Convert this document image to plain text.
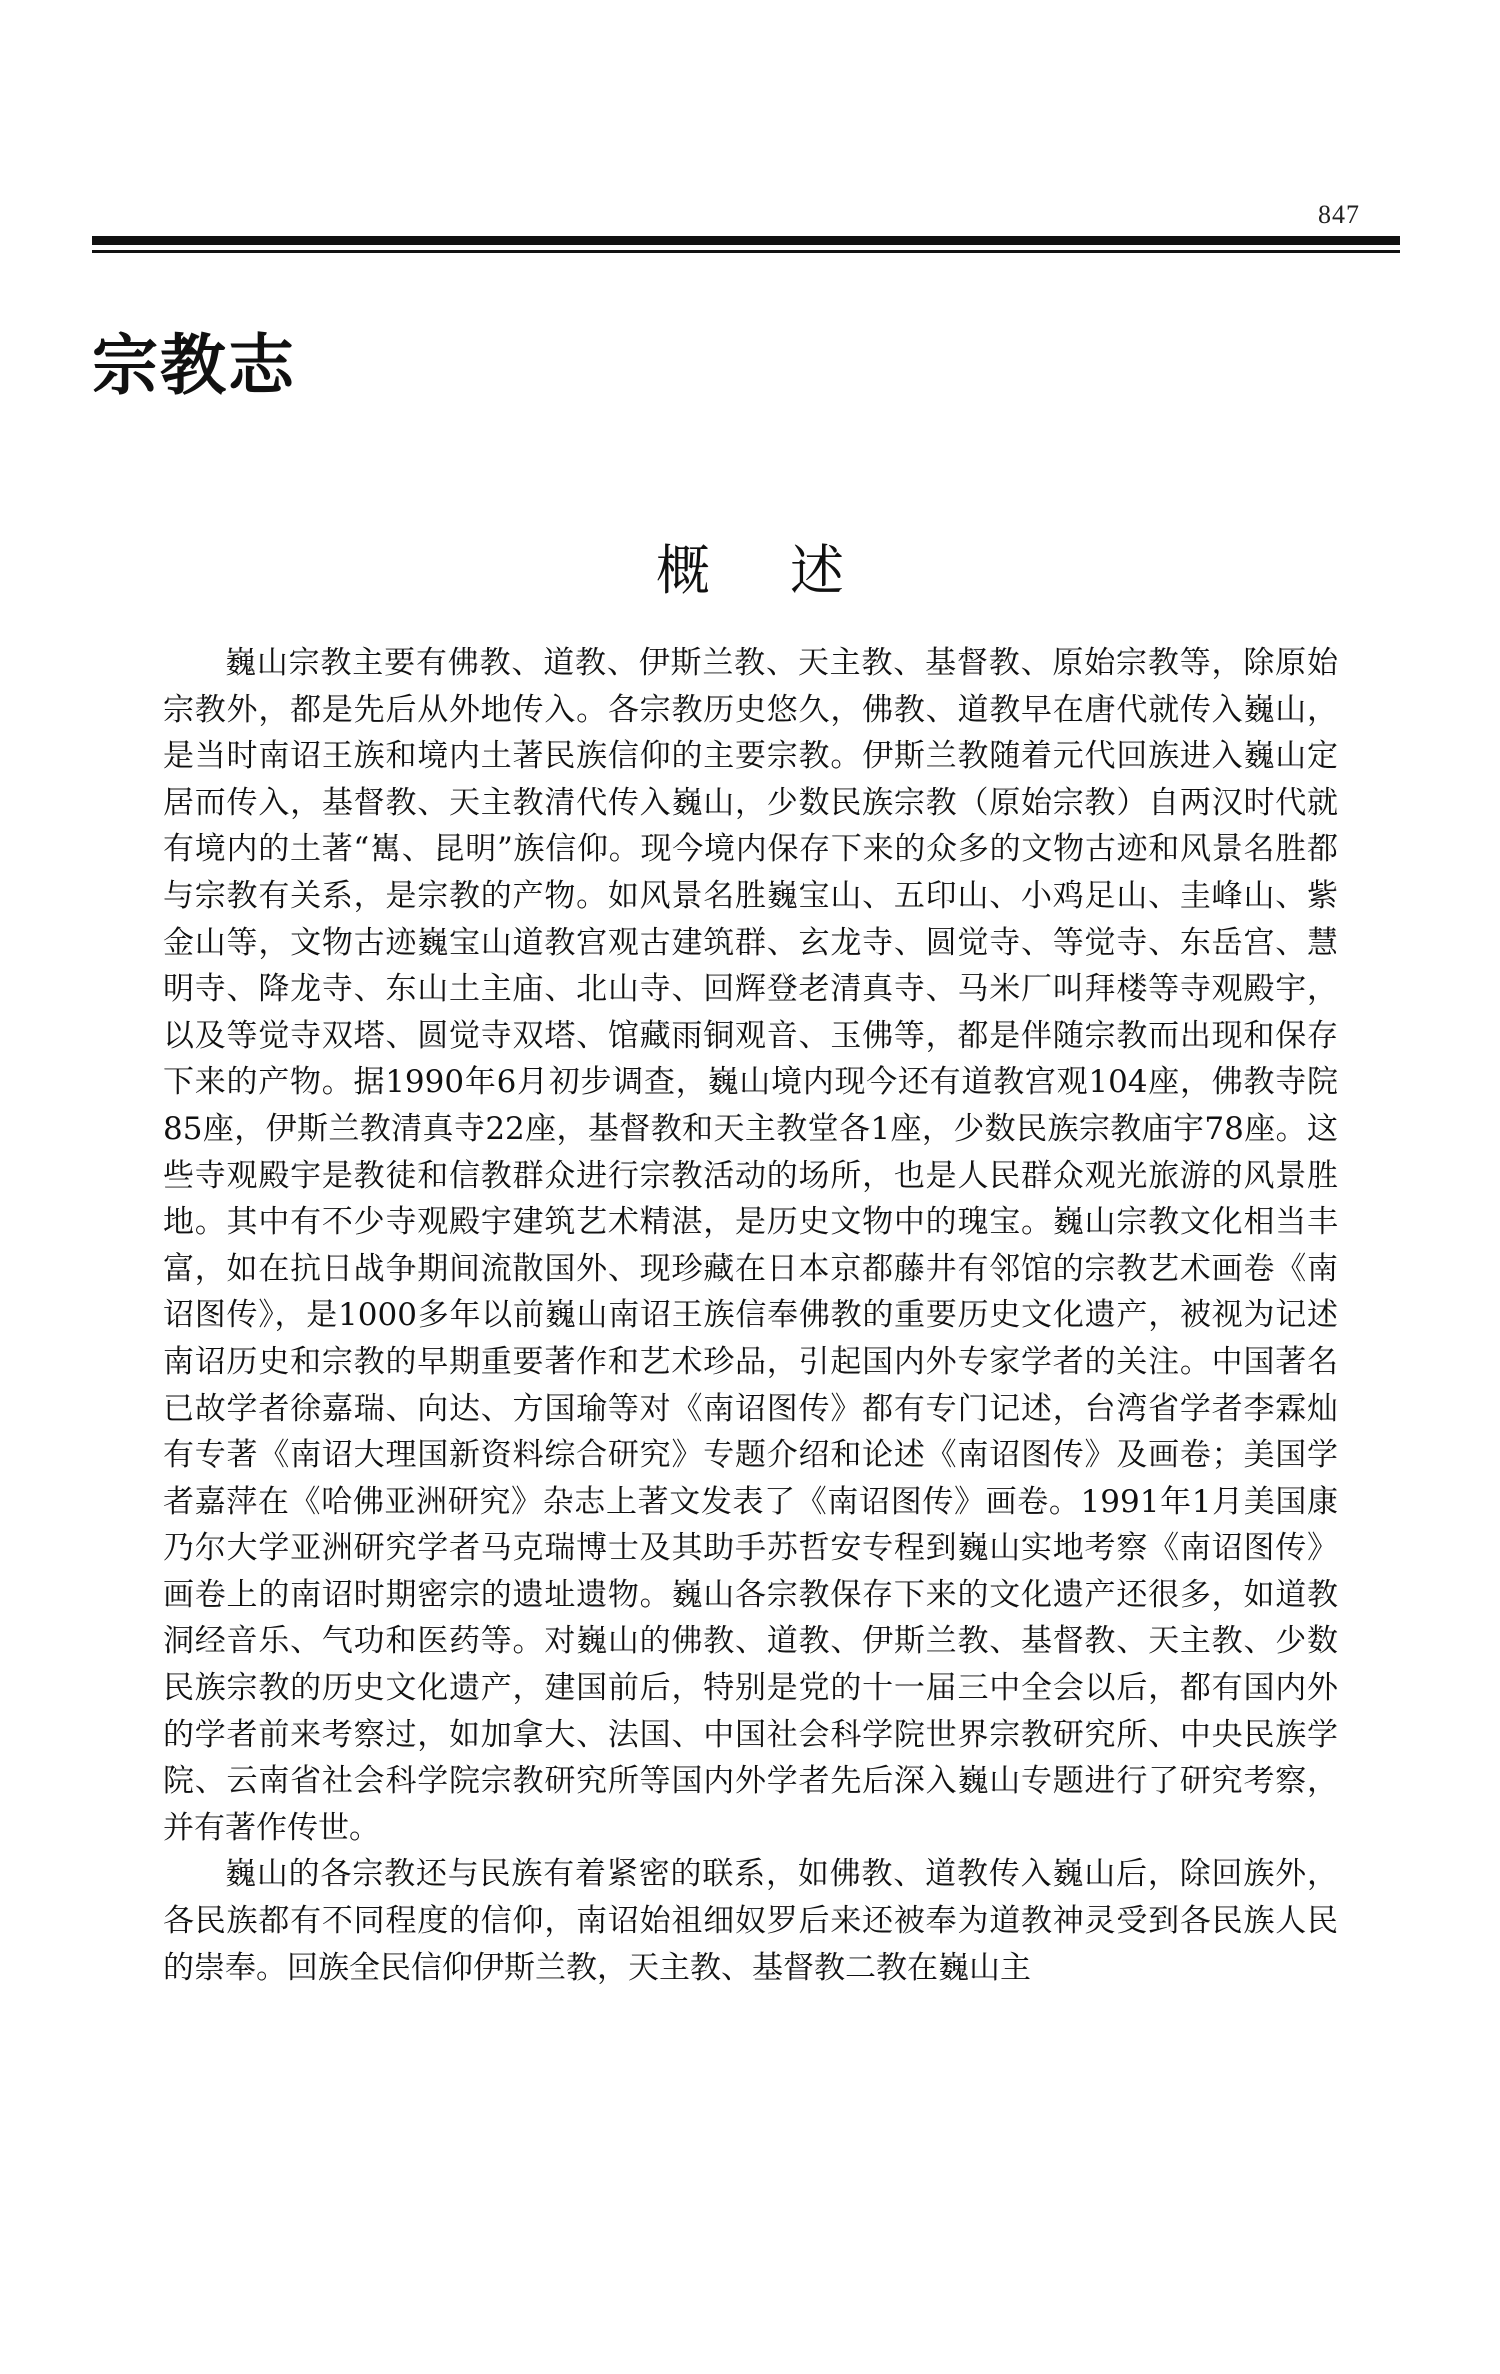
847
宗教志
概述

巍山宗教主要有佛教、道教、伊斯兰教、天主教、基督教、原始宗教等，除原始宗教外，都是先后从外地传入。各宗教历史悠久，佛教、道教早在唐代就传入巍山，是当时南诏王族和境内土著民族信仰的主要宗教。伊斯兰教随着元代回族进入巍山定居而传入，基督教、天主教清代传入巍山，少数民族宗教（原始宗教）自两汉时代就有境内的土著“嶲、昆明”族信仰。现今境内保存下来的众多的文物古迹和风景名胜都与宗教有关系，是宗教的产物。如风景名胜巍宝山、五印山、小鸡足山、圭峰山、紫金山等，文物古迹巍宝山道教宫观古建筑群、玄龙寺、圆觉寺、等觉寺、东岳宫、慧明寺、降龙寺、东山土主庙、北山寺、回辉登老清真寺、马米厂叫拜楼等寺观殿宇，以及等觉寺双塔、圆觉寺双塔、馆藏雨铜观音、玉佛等，都是伴随宗教而出现和保存下来的产物。据1990年6月初步调查，巍山境内现今还有道教宫观104座，佛教寺院85座，伊斯兰教清真寺22座，基督教和天主教堂各1座，少数民族宗教庙宇78座。这些寺观殿宇是教徒和信教群众进行宗教活动的场所，也是人民群众观光旅游的风景胜地。其中有不少寺观殿宇建筑艺术精湛，是历史文物中的瑰宝。巍山宗教文化相当丰富，如在抗日战争期间流散国外、现珍藏在日本京都藤井有邻馆的宗教艺术画卷《南诏图传》，是1000多年以前巍山南诏王族信奉佛教的重要历史文化遗产，被视为记述南诏历史和宗教的早期重要著作和艺术珍品，引起国内外专家学者的关注。中国著名已故学者徐嘉瑞、向达、方国瑜等对《南诏图传》都有专门记述，台湾省学者李霖灿有专著《南诏大理国新资料综合研究》专题介绍和论述《南诏图传》及画卷；美国学者嘉萍在《哈佛亚洲研究》杂志上著文发表了《南诏图传》画卷。1991年1月美国康乃尔大学亚洲研究学者马克瑞博士及其助手苏哲安专程到巍山实地考察《南诏图传》画卷上的南诏时期密宗的遗址遗物。巍山各宗教保存下来的文化遗产还很多，如道教洞经音乐、气功和医药等。对巍山的佛教、道教、伊斯兰教、基督教、天主教、少数民族宗教的历史文化遗产，建国前后，特别是党的十一届三中全会以后，都有国内外的学者前来考察过，如加拿大、法国、中国社会科学院世界宗教研究所、中央民族学院、云南省社会科学院宗教研究所等国内外学者先后深入巍山专题进行了研究考察，并有著作传世。

巍山的各宗教还与民族有着紧密的联系，如佛教、道教传入巍山后，除回族外，各民族都有不同程度的信仰，南诏始祖细奴罗后来还被奉为道教神灵受到各民族人民的崇奉。回族全民信仰伊斯兰教，天主教、基督教二教在巍山主
